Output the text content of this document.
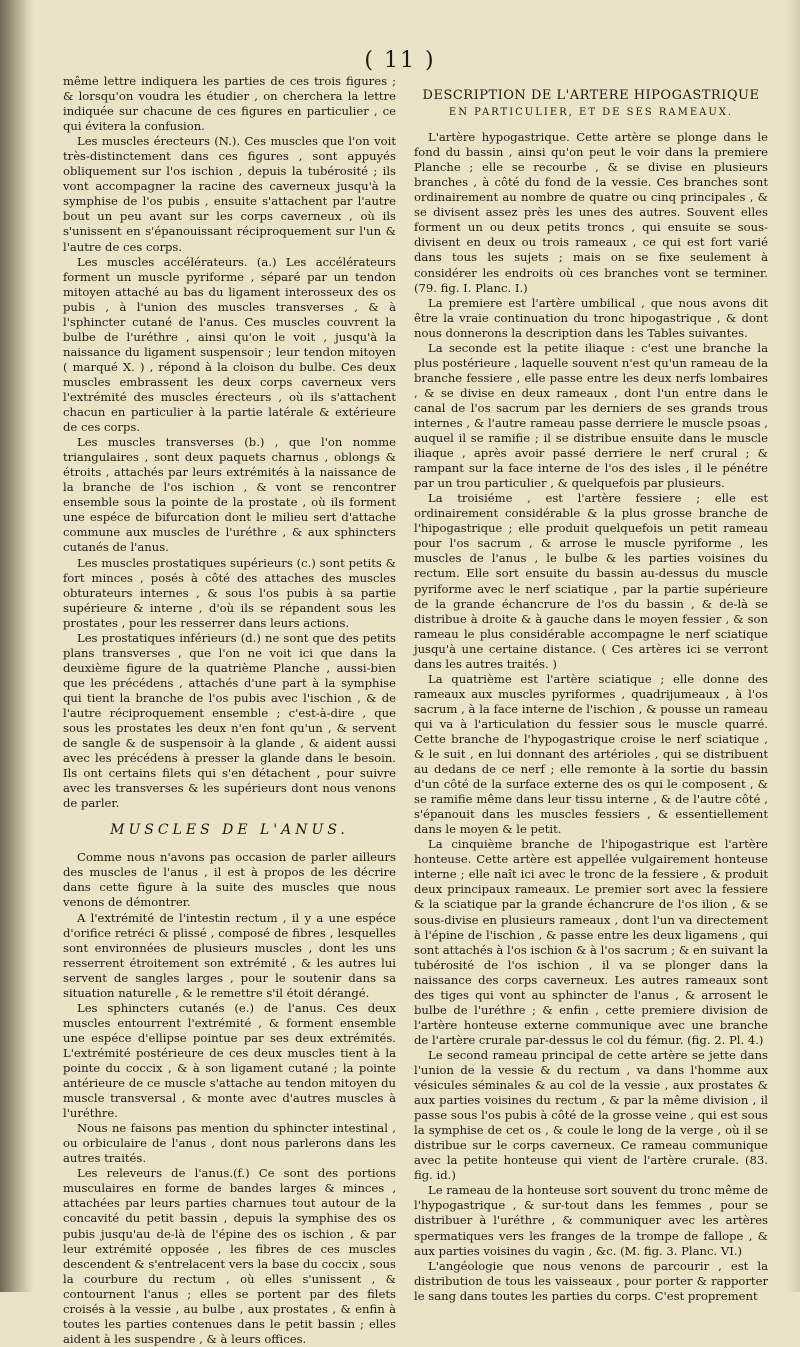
( 11 )

même lettre indiquera les parties de ces trois figures ; & lorsqu'on voudra les étudier , on cherchera la lettre indiquée sur chacune de ces figures en particulier , ce qui évitera la confusion.

Les muscles érecteurs (N.). Ces muscles que l'on voit très-distinctement dans ces figures , sont appuyés obliquement sur l'os ischion , depuis la tubérosité ; ils vont accompagner la racine des caverneux jusqu'à la symphise de l'os pubis , ensuite s'attachent par l'autre bout un peu avant sur les corps caverneux , où ils s'unissent en s'épanouissant réciproquement sur l'un & l'autre de ces corps.

Les muscles accélérateurs. (a.) Les accélérateurs forment un muscle pyriforme , séparé par un tendon mitoyen attaché au bas du ligament interosseux des os pubis , à l'union des muscles transverses , & à l'sphincter cutané de l'anus. Ces muscles couvrent la bulbe de l'uréthre , ainsi qu'on le voit , jusqu'à la naissance du ligament suspensoir ; leur tendon mitoyen ( marqué X. ) , répond à la cloison du bulbe. Ces deux muscles embrassent les deux corps caverneux vers l'extrémité des muscles érecteurs , où ils s'attachent chacun en particulier à la partie latérale & extérieure de ces corps.

Les muscles transverses (b.) , que l'on nomme triangulaires , sont deux paquets charnus , oblongs & étroits , attachés par leurs extrémités à la naissance de la branche de l'os ischion , & vont se rencontrer ensemble sous la pointe de la prostate , où ils forment une espéce de bifurcation dont le milieu sert d'attache commune aux muscles de l'uréthre , & aux sphincters cutanés de l'anus.

Les muscles prostatiques supérieurs (c.) sont petits & fort minces , posés à côté des attaches des muscles obturateurs internes , & sous l'os pubis à sa partie supérieure & interne , d'où ils se répandent sous les prostates , pour les resserrer dans leurs actions.

Les prostatiques inférieurs (d.) ne sont que des petits plans transverses , que l'on ne voit ici que dans la deuxième figure de la quatrième Planche , aussi-bien que les précédens , attachés d'une part à la symphise qui tient la branche de l'os pubis avec l'ischion , & de l'autre réciproquement ensemble ; c'est-à-dire , que sous les prostates les deux n'en font qu'un , & servent de sangle & de suspensoir à la glande , & aident aussi avec les précédens à presser la glande dans le besoin. Ils ont certains filets qui s'en détachent , pour suivre avec les transverses & les supérieurs dont nous venons de parler.

MUSCLES DE L'ANUS.

Comme nous n'avons pas occasion de parler ailleurs des muscles de l'anus , il est à propos de les décrire dans cette figure à la suite des muscles que nous venons de démontrer.

A l'extrémité de l'intestin rectum , il y a une espéce d'orifice retréci & plissé , composé de fibres , lesquelles sont environnées de plusieurs muscles , dont les uns resserrent étroitement son extrémité , & les autres lui servent de sangles larges , pour le soutenir dans sa situation naturelle , & le remettre s'il étoit dérangé.

Les sphincters cutanés (e.) de l'anus. Ces deux muscles entourrent l'extrémité , & forment ensemble une espéce d'ellipse pointue par ses deux extrémités. L'extrémité postérieure de ces deux muscles tient à la pointe du coccix , & à son ligament cutané ; la pointe antérieure de ce muscle s'attache au tendon mitoyen du muscle transversal , & monte avec d'autres muscles à l'uréthre.

Nous ne faisons pas mention du sphincter intestinal , ou orbiculaire de l'anus , dont nous parlerons dans les autres traités.

Les releveurs de l'anus.(f.) Ce sont des portions musculaires en forme de bandes larges & minces , attachées par leurs parties charnues tout autour de la concavité du petit bassin , depuis la symphise des os pubis jusqu'au de-là de l'épine des os ischion , & par leur extrémité opposée , les fibres de ces muscles descendent & s'entrelacent vers la base du coccix , sous la courbure du rectum , où elles s'unissent , & contournent l'anus ; elles se portent par des filets croisés à la vessie , au bulbe , aux prostates , & enfin à toutes les parties contenues dans le petit bassin ; elles aident à les suspendre , & à leurs offices.

DESCRIPTION DE L'ARTERE HIPOGASTRIQUE
EN PARTICULIER, ET DE SES RAMEAUX.

L'artère hypogastrique. Cette artère se plonge dans le fond du bassin , ainsi qu'on peut le voir dans la premiere Planche ; elle se recourbe , & se divise en plusieurs branches , à côté du fond de la vessie. Ces branches sont ordinairement au nombre de quatre ou cinq principales , & se divisent assez près les unes des autres. Souvent elles forment un ou deux petits troncs , qui ensuite se sous-divisent en deux ou trois rameaux , ce qui est fort varié dans tous les sujets ; mais on se fixe seulement à considérer les endroits où ces branches vont se terminer. (79. fig. I. Planc. I.)

La premiere est l'artère umbilical , que nous avons dit être la vraie continuation du tronc hipogastrique , & dont nous donnerons la description dans les Tables suivantes.

La seconde est la petite iliaque : c'est une branche la plus postérieure , laquelle souvent n'est qu'un rameau de la branche fessiere , elle passe entre les deux nerfs lombaires , & se divise en deux rameaux , dont l'un entre dans le canal de l'os sacrum par les derniers de ses grands trous internes , & l'autre rameau passe derriere le muscle psoas , auquel il se ramifie ; il se distribue ensuite dans le muscle iliaque , après avoir passé derriere le nerf crural ; & rampant sur la face interne de l'os des isles , il le pénétre par un trou particulier , & quelquefois par plusieurs.

La troisiéme , est l'artère fessiere ; elle est ordinairement considérable & la plus grosse branche de l'hipogastrique ; elle produit quelquefois un petit rameau pour l'os sacrum , & arrose le muscle pyriforme , les muscles de l'anus , le bulbe & les parties voisines du rectum. Elle sort ensuite du bassin au-dessus du muscle pyriforme avec le nerf sciatique , par la partie supérieure de la grande échancrure de l'os du bassin , & de-là se distribue à droite & à gauche dans le moyen fessier , & son rameau le plus considérable accompagne le nerf sciatique jusqu'à une certaine distance. ( Ces artères ici se verront dans les autres traités. )

La quatrième est l'artère sciatique ; elle donne des rameaux aux muscles pyriformes , quadrijumeaux , à l'os sacrum , à la face interne de l'ischion , & pousse un rameau qui va à l'articulation du fessier sous le muscle quarré. Cette branche de l'hypogastrique croise le nerf sciatique , & le suit , en lui donnant des artérioles , qui se distribuent au dedans de ce nerf ; elle remonte à la sortie du bassin d'un côté de la surface externe des os qui le composent , & se ramifie même dans leur tissu interne , & de l'autre côté , s'épanouit dans les muscles fessiers , & essentiellement dans le moyen & le petit.

La cinquième branche de l'hipogastrique est l'artère honteuse. Cette artère est appellée vulgairement honteuse interne ; elle naît ici avec le tronc de la fessiere , & produit deux principaux rameaux. Le premier sort avec la fessiere & la sciatique par la grande échancrure de l'os ilion , & se sous-divise en plusieurs rameaux , dont l'un va directement à l'épine de l'ischion , & passe entre les deux ligamens , qui sont attachés à l'os ischion & à l'os sacrum ; & en suivant la tubérosité de l'os ischion , il va se plonger dans la naissance des corps caverneux. Les autres rameaux sont des tiges qui vont au sphincter de l'anus , & arrosent le bulbe de l'uréthre ; & enfin , cette premiere division de l'artère honteuse externe communique avec une branche de l'artère crurale par-dessus le col du fémur. (fig. 2. Pl. 4.)

Le second rameau principal de cette artère se jette dans l'union de la vessie & du rectum , va dans l'homme aux vésicules séminales & au col de la vessie , aux prostates & aux parties voisines du rectum , & par la même division , il passe sous l'os pubis à côté de la grosse veine , qui est sous la symphise de cet os , & coule le long de la verge , où il se distribue sur le corps caverneux. Ce rameau communique avec la petite honteuse qui vient de l'artère crurale. (83. fig. id.)

Le rameau de la honteuse sort souvent du tronc même de l'hypogastrique , & sur-tout dans les femmes , pour se distribuer à l'uréthre , & communiquer avec les artères spermatiques vers les franges de la trompe de fallope , & aux parties voisines du vagin , &c. (M. fig. 3. Planc. VI.)

L'angéologie que nous venons de parcourir , est la distribution de tous les vaisseaux , pour porter & rapporter le sang dans toutes les parties du corps. C'est proprement
